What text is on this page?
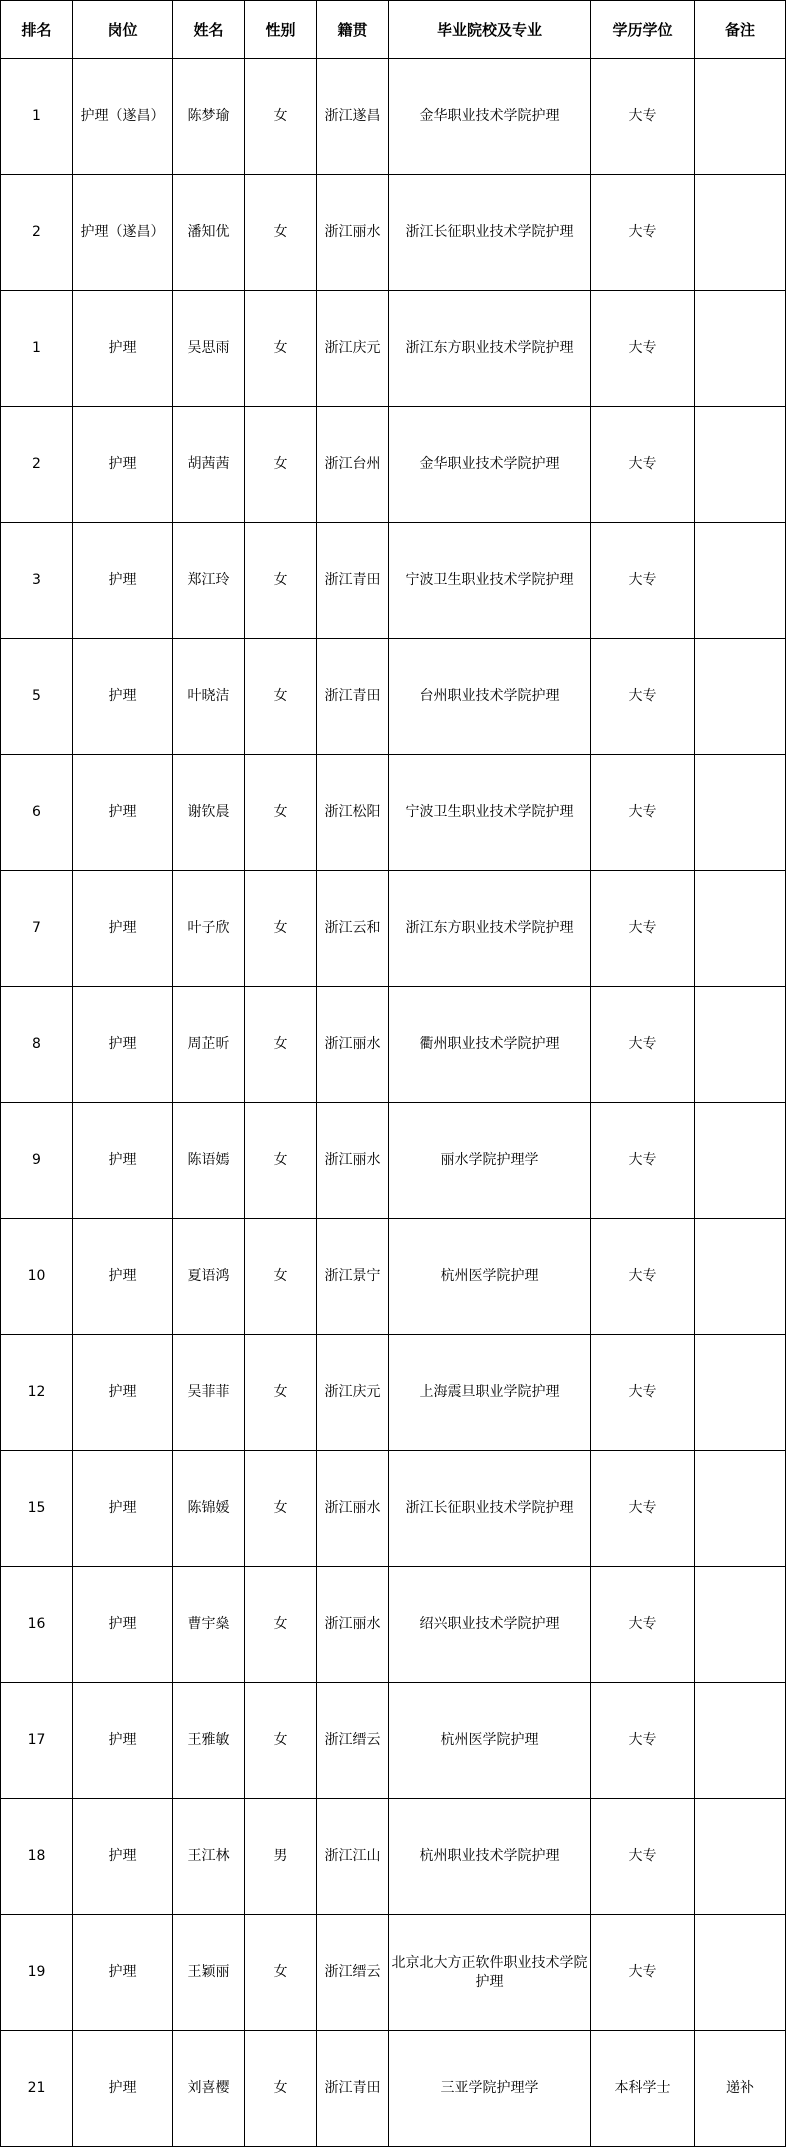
排名	岗位	姓名	性别	籍贯	毕业院校及专业	学历学位	备注
1	护理（遂昌）	陈梦瑜	女	浙江遂昌	金华职业技术学院护理	大专	
2	护理（遂昌）	潘知优	女	浙江丽水	浙江长征职业技术学院护理	大专	
1	护理	吴思雨	女	浙江庆元	浙江东方职业技术学院护理	大专	
2	护理	胡茜茜	女	浙江台州	金华职业技术学院护理	大专	
3	护理	郑江玲	女	浙江青田	宁波卫生职业技术学院护理	大专	
5	护理	叶晓洁	女	浙江青田	台州职业技术学院护理	大专	
6	护理	谢钦晨	女	浙江松阳	宁波卫生职业技术学院护理	大专	
7	护理	叶子欣	女	浙江云和	浙江东方职业技术学院护理	大专	
8	护理	周芷昕	女	浙江丽水	衢州职业技术学院护理	大专	
9	护理	陈语嫣	女	浙江丽水	丽水学院护理学	大专	
10	护理	夏语鸿	女	浙江景宁	杭州医学院护理	大专	
12	护理	吴菲菲	女	浙江庆元	上海震旦职业学院护理	大专	
15	护理	陈锦媛	女	浙江丽水	浙江长征职业技术学院护理	大专	
16	护理	曹宇燊	女	浙江丽水	绍兴职业技术学院护理	大专	
17	护理	王雅敏	女	浙江缙云	杭州医学院护理	大专	
18	护理	王江林	男	浙江江山	杭州职业技术学院护理	大专	
19	护理	王颖丽	女	浙江缙云	北京北大方正软件职业技术学院护理	大专	
21	护理	刘喜樱	女	浙江青田	三亚学院护理学	本科学士	递补
